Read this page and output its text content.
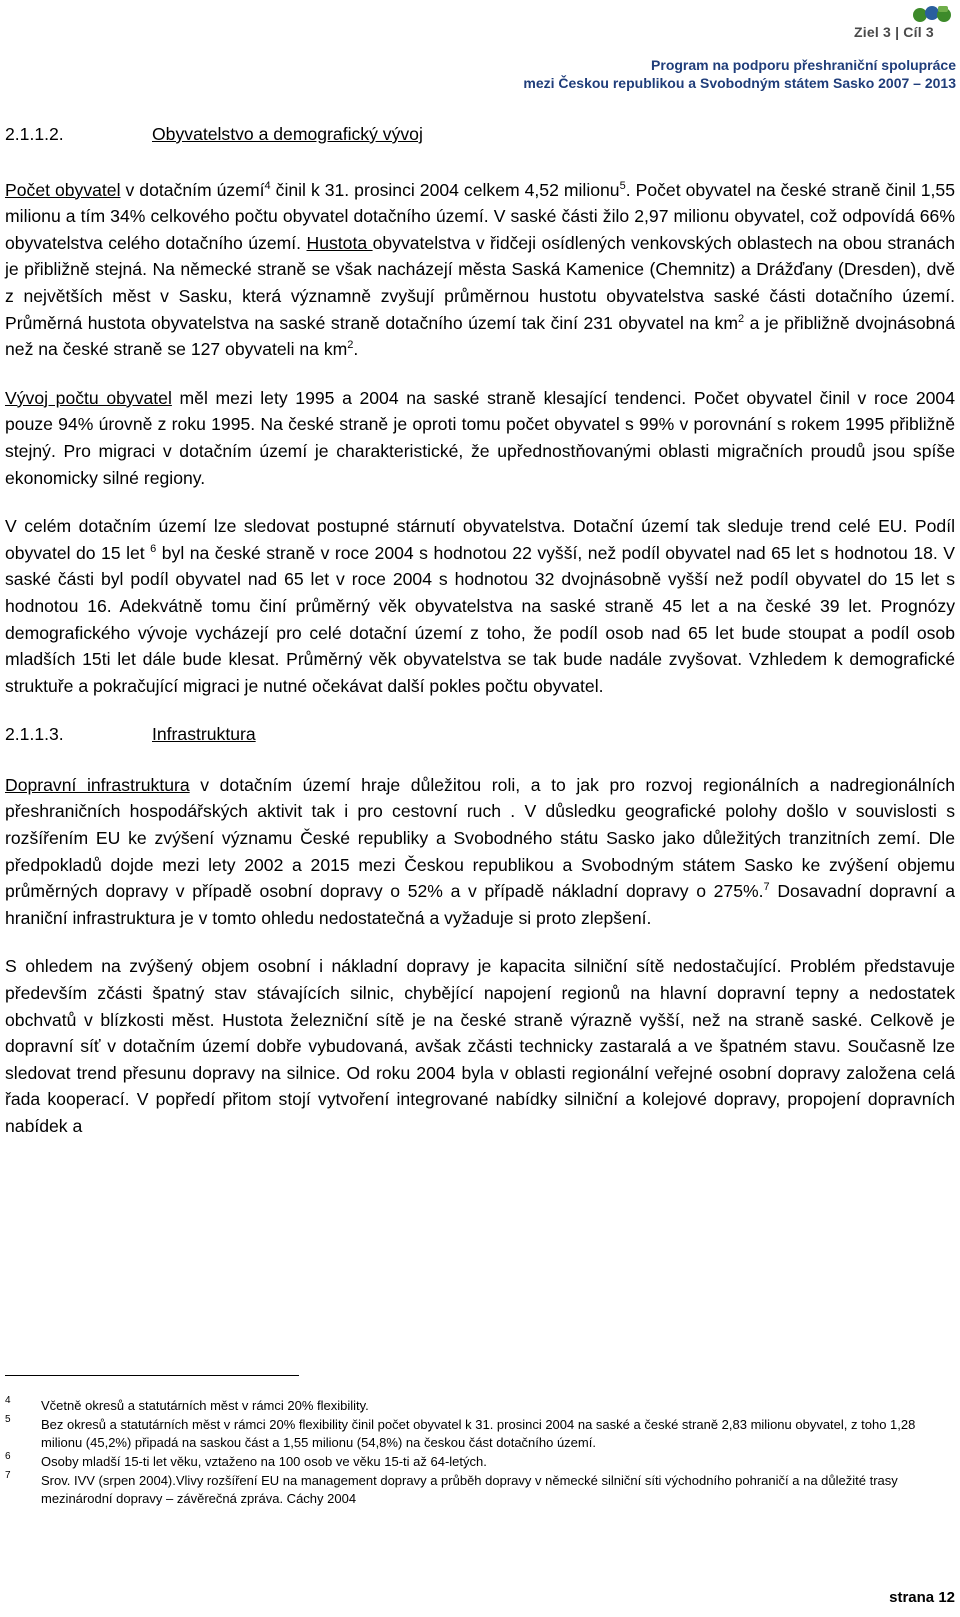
Ziel 3 | Cíl 3
Program na podporu přeshraniční spolupráce
mezi Českou republikou a Svobodným státem Sasko 2007 – 2013
2.1.1.2.	Obyvatelstvo a demografický vývoj

Počet obyvatel v dotačním území$^4$ činil k 31. prosinci 2004 celkem 4,52 milionu$^5$. Počet obyvatel na české straně činil 1,55 milionu a tím 34% celkového počtu obyvatel dotačního území. V saské části žilo 2,97 milionu obyvatel, což odpovídá 66% obyvatelstva celého dotačního území. Hustota obyvatelstva v řidčeji osídlených venkovských oblastech na obou stranách je přibližně stejná. Na německé straně se však nacházejí města Saská Kamenice (Chemnitz) a Drážďany (Dresden), dvě z největších měst v Sasku, která významně zvyšují průměrnou hustotu obyvatelstva saské části dotačního území. Průměrná hustota obyvatelstva na saské straně dotačního území tak činí 231 obyvatel na $km^2$ a je přibližně dvojnásobná než na české straně se 127 obyvateli na $km^2$.

Vývoj počtu obyvatel měl mezi lety 1995 a 2004 na saské straně klesající tendenci. Počet obyvatel činil v roce 2004 pouze 94% úrovně z roku 1995. Na české straně je oproti tomu počet obyvatel s 99% v porovnání s rokem 1995 přibližně stejný. Pro migraci v dotačním území je charakteristické, že upřednostňovanými oblasti migračních proudů jsou spíše ekonomicky silné regiony.

V celém dotačním území lze sledovat postupné stárnutí obyvatelstva. Dotační území tak sleduje trend celé EU. Podíl obyvatel do 15 let $^6$ byl na české straně v roce 2004 s hodnotou 22 vyšší, než podíl obyvatel nad 65 let s hodnotou 18. V saské části byl podíl obyvatel nad 65 let v roce 2004 s hodnotou 32 dvojnásobně vyšší než podíl obyvatel do 15 let s hodnotou 16. Adekvátně tomu činí průměrný věk obyvatelstva na saské straně 45 let a na české 39 let. Prognózy demografického vývoje vycházejí pro celé dotační území z toho, že podíl osob nad 65 let bude stoupat a podíl osob mladších 15ti let dále bude klesat. Průměrný věk obyvatelstva se tak bude nadále zvyšovat. Vzhledem k demografické struktuře a pokračující migraci je nutné očekávat další pokles počtu obyvatel.

2.1.1.3.	Infrastruktura

Dopravní infrastruktura v dotačním území hraje důležitou roli, a to jak pro rozvoj regionálních a nadregionálních přeshraničních hospodářských aktivit tak i pro cestovní ruch . V důsledku geografické polohy došlo v souvislosti s rozšířením EU ke zvýšení významu České republiky a Svobodného státu Sasko jako důležitých tranzitních zemí. Dle předpokladů dojde mezi lety 2002 a 2015 mezi Českou republikou a Svobodným státem Sasko ke zvýšení objemu průměrných dopravy v případě osobní dopravy o 52% a v případě nákladní dopravy o 275%.$^7$ Dosavadní dopravní a hraniční infrastruktura je v tomto ohledu nedostatečná a vyžaduje si proto zlepšení.

S ohledem na zvýšený objem osobní i nákladní dopravy je kapacita silniční sítě nedostačující. Problém představuje především zčásti špatný stav stávajících silnic, chybějící napojení regionů na hlavní dopravní tepny a nedostatek obchvatů v blízkosti měst. Hustota železniční sítě je na české straně výrazně vyšší, než na straně saské. Celkově je dopravní síť v dotačním území dobře vybudovaná, avšak zčásti technicky zastaralá a ve špatném stavu. Současně lze sledovat trend přesunu dopravy na silnice. Od roku 2004 byla v oblasti regionální veřejné osobní dopravy založena celá řada kooperací. V popředí přitom stojí vytvoření integrované nabídky silniční a kolejové dopravy, propojení dopravních nabídek a

4 Včetně okresů a statutárních měst v rámci 20% flexibility.
5 Bez okresů a statutárních měst v rámci 20% flexibility činil počet obyvatel k 31. prosinci 2004 na saské a české straně 2,83 milionu obyvatel, z toho 1,28 milionu (45,2%) připadá na saskou část a 1,55 milionu (54,8%) na českou část dotačního území.
6 Osoby mladší 15-ti let věku, vztaženo na 100 osob ve věku 15-ti až 64-letých.
7 Srov. IVV (srpen 2004).Vlivy rozšíření EU na management dopravy a průběh dopravy v německé silniční síti východního pohraničí a na důležité trasy mezinárodní dopravy – závěrečná zpráva. Cáchy 2004
strana 12
